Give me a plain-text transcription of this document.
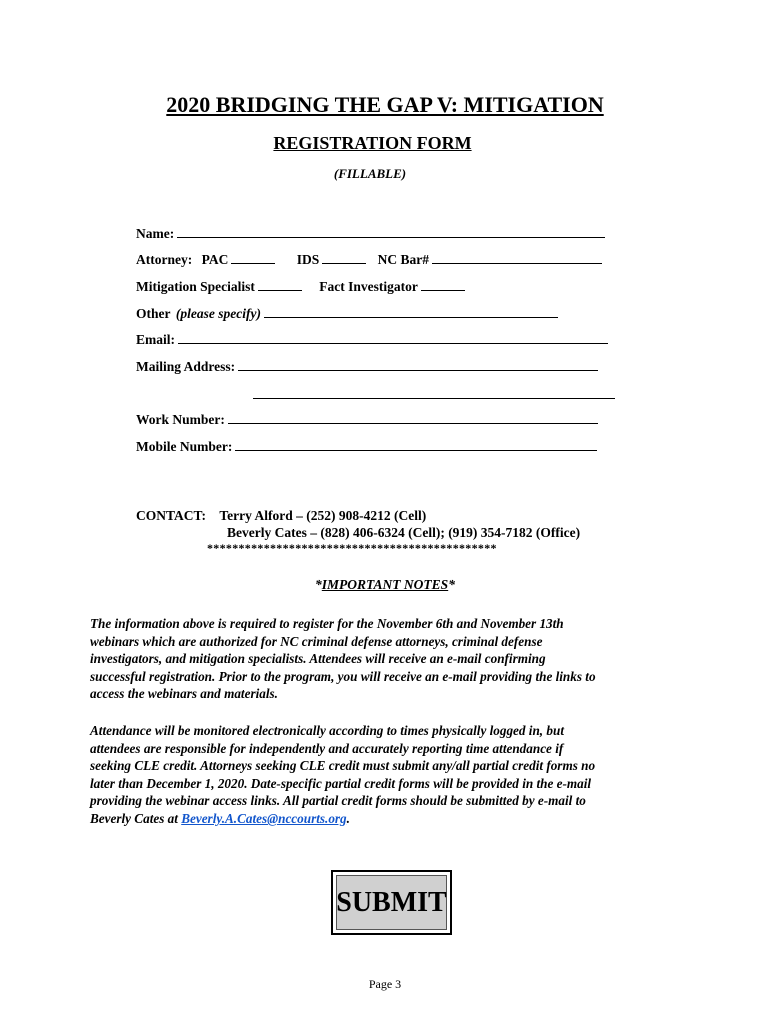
2020 BRIDGING THE GAP V: MITIGATION
REGISTRATION FORM
(FILLABLE)
Name:
Attorney: PAC	IDS	NC Bar#
Mitigation Specialist	Fact Investigator
Other (please specify)
Email:
Mailing Address:
Work Number:
Mobile Number:
CONTACT: Terry Alford – (252) 908-4212 (Cell)
Beverly Cates – (828) 406-6324 (Cell); (919) 354-7182 (Office)
**********************************************
*IMPORTANT NOTES*

The information above is required to register for the November 6th and November 13th

webinars which are authorized for NC criminal defense attorneys, criminal defense

investigators, and mitigation specialists. Attendees will receive an e-mail confirming

successful registration. Prior to the program, you will receive an e-mail providing the links to

access the webinars and materials.

Attendance will be monitored electronically according to times physically logged in, but

attendees are responsible for independently and accurately reporting time attendance if

seeking CLE credit. Attorneys seeking CLE credit must submit any/all partial credit forms no

later than December 1, 2020. Date-specific partial credit forms will be provided in the e-mail

providing the webinar access links. All partial credit forms should be submitted by e-mail to

Beverly Cates at Beverly.A.Cates@nccourts.org.

SUBMIT
Page 3
